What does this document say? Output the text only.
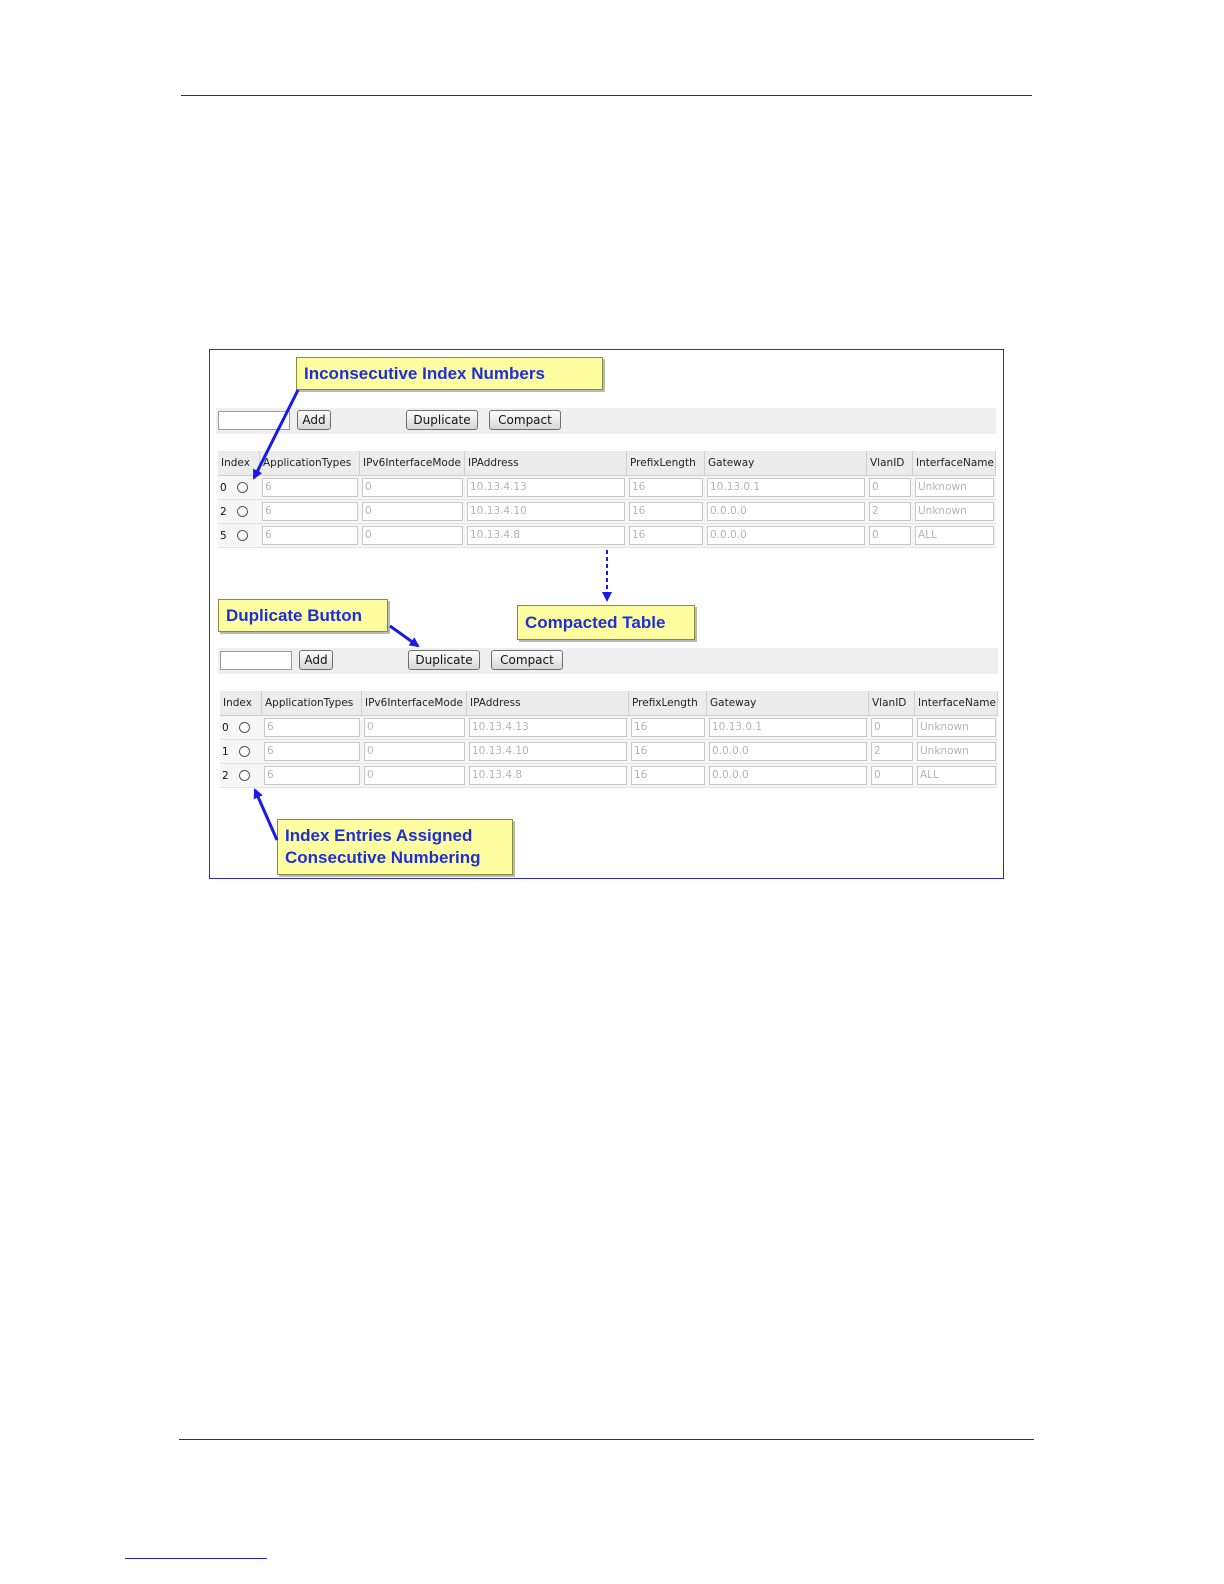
Inconsecutive Index Numbers
Add	Duplicate	Compact
Index	ApplicationTypes	IPv6InterfaceMode	IPAddress	PrefixLength	Gateway	VlanID	InterfaceName
0	6	0	10.13.4.13	16	10.13.0.1	0	Unknown

2	6	0	10.13.4.10	16	0.0.0.0	2	Unknown

5	6	0	10.13.4.8	16	0.0.0.0	0	ALL
Duplicate Button	Compacted Table
Add	Duplicate	Compact
Index	ApplicationTypes	IPv6InterfaceMode	IPAddress	PrefixLength	Gateway	VlanID	InterfaceName
0	6	0	10.13.4.13	16	10.13.0.1	0	Unknown

1	6	0	10.13.4.10	16	0.0.0.0	2	Unknown

2	6	0	10.13.4.8	16	0.0.0.0	0	ALL
Index Entries Assigned
Consecutive Numbering
